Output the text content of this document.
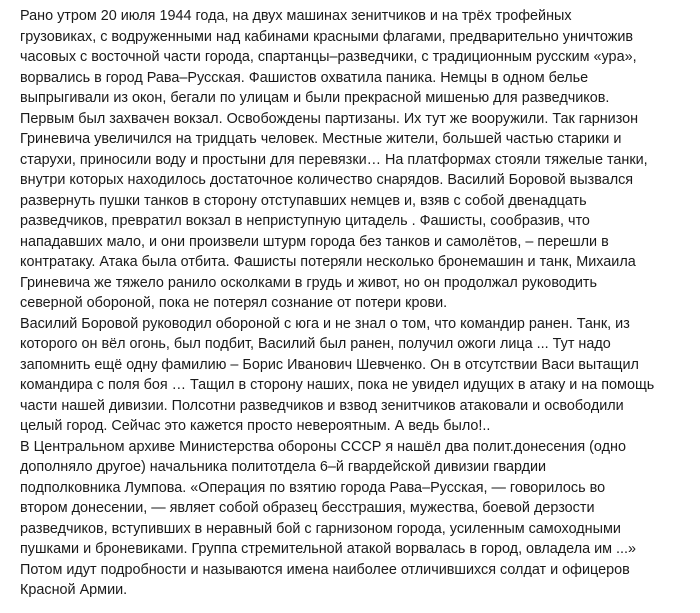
Рано утром 20 июля 1944 года, на двух машинах зенитчиков и на трёх трофейных
грузовиках, с водруженными над кабинами красными флагами, предварительно уничтожив
часовых с восточной части города, спартанцы–разведчики, с традиционным русским «ура»,
ворвались в город Рава–Русская. Фашистов охватила паника. Немцы в одном белье
выпрыгивали из окон, бегали по улицам и были прекрасной мишенью для разведчиков.
Первым был захвачен вокзал. Освобождены партизаны. Их тут же вооружили. Так гарнизон
Гриневича увеличился на тридцать человек. Местные жители, большей частью старики и
старухи, приносили воду и простыни для перевязки… На платформах стояли тяжелые танки,
внутри которых находилось достаточное количество снарядов. Василий Боровой вызвался
развернуть пушки танков в сторону отступавших немцев и, взяв с собой двенадцать
разведчиков, превратил вокзал в неприступную цитадель . Фашисты, сообразив, что
нападавших мало, и они произвели штурм города без танков и самолётов, – перешли в
контратаку. Атака была отбита. Фашисты потеряли несколько бронемашин и танк, Михаила
Гриневича же тяжело ранило осколками в грудь и живот, но он продолжал руководить
северной обороной, пока не потерял сознание от потери крови.
Василий Боровой руководил обороной с юга и не знал о том, что командир ранен. Танк, из
которого он вёл огонь, был подбит, Василий был ранен, получил ожоги лица ... Тут надо
запомнить ещё одну фамилию – Борис Иванович Шевченко. Он в отсутствии Васи вытащил
командира с поля боя … Тащил в сторону наших, пока не увидел идущих в атаку и на помощь
части нашей дивизии. Полсотни разведчиков и взвод зенитчиков атаковали и освободили
целый город. Сейчас это кажется просто невероятным. А ведь было!..
В Центральном архиве Министерства обороны СССР я нашёл два полит.донесения (одно
дополняло другое) начальника политотдела 6–й гвардейской дивизии гвардии
подполковника Лумпова. «Операция по взятию города Рава–Русская, — говорилось во
втором донесении, — являет собой образец бесстрашия, мужества, боевой дерзости
разведчиков, вступивших в неравный бой с гарнизоном города, усиленным самоходными
пушками и броневиками. Группа стремительной атакой ворвалась в город, овладела им ...»
Потом идут подробности и называются имена наиболее отличившихся солдат и офицеров
Красной Армии.
